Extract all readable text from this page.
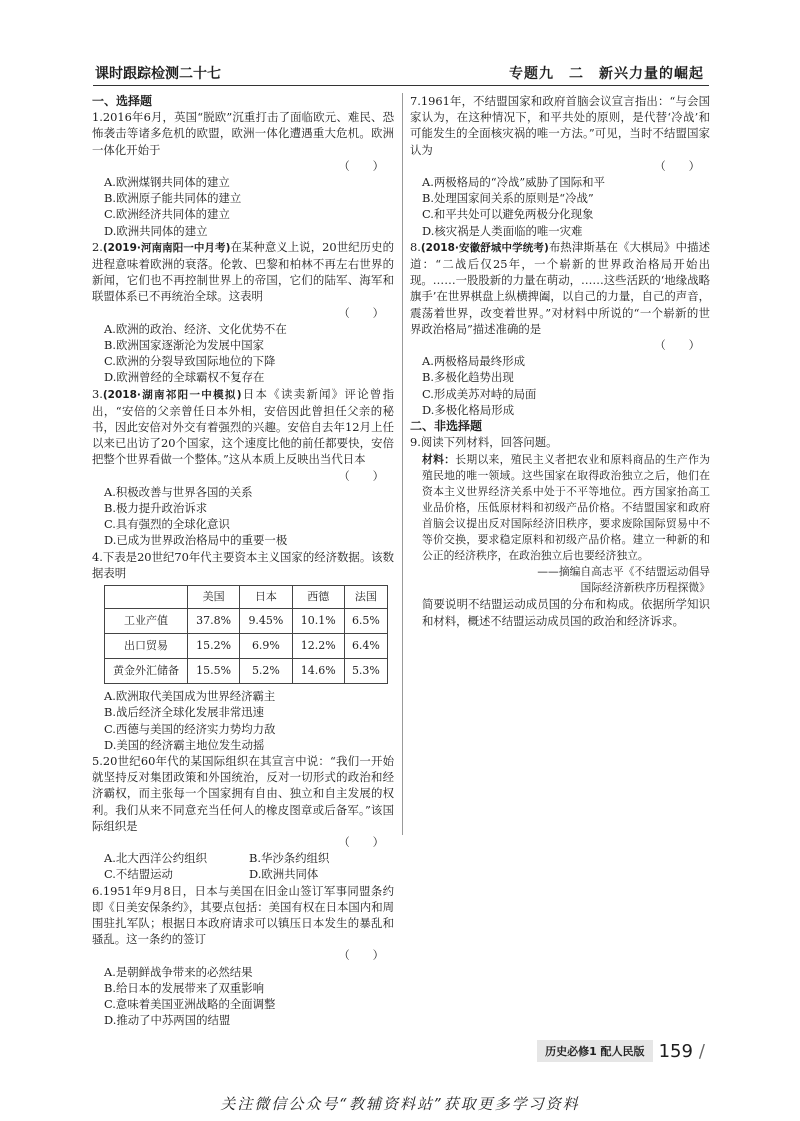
课时跟踪检测二十七	专题九　二　新兴力量的崛起

一、选择题

1.2016年6月，英国“脱欧”沉重打击了面临欧元、难民、恐怖袭击等诸多危机的欧盟，欧洲一体化遭遇重大危机。欧洲一体化开始于
（　　）

A.欧洲煤钢共同体的建立

B.欧洲原子能共同体的建立

C.欧洲经济共同体的建立

D.欧洲共同体的建立

2.(2019·河南南阳一中月考)在某种意义上说，20世纪历史的进程意味着欧洲的衰落。伦敦、巴黎和柏林不再左右世界的新闻，它们也不再控制世界上的帝国，它们的陆军、海军和联盟体系已不再统治全球。这表明
（　　）

A.欧洲的政治、经济、文化优势不在

B.欧洲国家逐渐沦为发展中国家

C.欧洲的分裂导致国际地位的下降

D.欧洲曾经的全球霸权不复存在

3.(2018·湖南祁阳一中模拟)日本《读卖新闻》评论曾指出，“安倍的父亲曾任日本外相，安倍因此曾担任父亲的秘书，因此安倍对外交有着强烈的兴趣。安倍自去年12月上任以来已出访了20个国家，这个速度比他的前任都要快，安倍把整个世界看做一个整体。”这从本质上反映出当代日本
（　　）

A.积极改善与世界各国的关系

B.极力提升政治诉求

C.具有强烈的全球化意识

D.已成为世界政治格局中的重要一极

4.下表是20世纪70年代主要资本主义国家的经济数据。该数据表明

	美国	日本	西德	法国
工业产值	37.8%	9.45%	10.1%	6.5%
出口贸易	15.2%	6.9%	12.2%	6.4%
黄金外汇储备	15.5%	5.2%	14.6%	5.3%

A.欧洲取代美国成为世界经济霸主

B.战后经济全球化发展非常迅速

C.西德与美国的经济实力势均力敌

D.美国的经济霸主地位发生动摇

5.20世纪60年代的某国际组织在其宣言中说：“我们一开始就坚持反对集团政策和外国统治，反对一切形式的政治和经济霸权，而主张每一个国家拥有自由、独立和自主发展的权利。我们从来不同意充当任何人的橡皮图章或后备军。”该国际组织是
（　　）

A.北大西洋公约组织	B.华沙条约组织
C.不结盟运动	D.欧洲共同体

6.1951年9月8日，日本与美国在旧金山签订军事同盟条约即《日美安保条约》，其要点包括：美国有权在日本国内和周围驻扎军队；根据日本政府请求可以镇压日本发生的暴乱和骚乱。这一条约的签订
（　　）

A.是朝鲜战争带来的必然结果

B.给日本的发展带来了双重影响

C.意味着美国亚洲战略的全面调整

D.推动了中苏两国的结盟

7.1961年，不结盟国家和政府首脑会议宣言指出：“与会国家认为，在这种情况下，和平共处的原则，是代替‘冷战’和可能发生的全面核灾祸的唯一方法。”可见，当时不结盟国家认为
（　　）

A.两极格局的“冷战”威胁了国际和平

B.处理国家间关系的原则是“冷战”

C.和平共处可以避免两极分化现象

D.核灾祸是人类面临的唯一灾难

8.(2018·安徽舒城中学统考)布热津斯基在《大棋局》中描述道：“二战后仅25年，一个崭新的世界政治格局开始出现。……一股股新的力量在萌动，……这些活跃的‘地缘战略旗手’在世界棋盘上纵横捭阖，以自己的力量，自己的声音，震荡着世界，改变着世界。”对材料中所说的“一个崭新的世界政治格局”描述准确的是
（　　）

A.两极格局最终形成

B.多极化趋势出现

C.形成美苏对峙的局面

D.多极化格局形成

二、非选择题

9.阅读下列材料，回答问题。

材料：长期以来，殖民主义者把农业和原料商品的生产作为殖民地的唯一领域。这些国家在取得政治独立之后，他们在资本主义世界经济关系中处于不平等地位。西方国家抬高工业品价格，压低原材料和初级产品价格。不结盟国家和政府首脑会议提出反对国际经济旧秩序，要求废除国际贸易中不等价交换，要求稳定原料和初级产品价格。建立一种新的和公正的经济秩序，在政治独立后也要经济独立。

——摘编自高志平《不结盟运动倡导

国际经济新秩序历程探微》

简要说明不结盟运动成员国的分布和构成。依据所学知识和材料，概述不结盟运动成员国的政治和经济诉求。

历史必修1 配人民版 159 /
关注微信公众号“教辅资料站”获取更多学习资料
